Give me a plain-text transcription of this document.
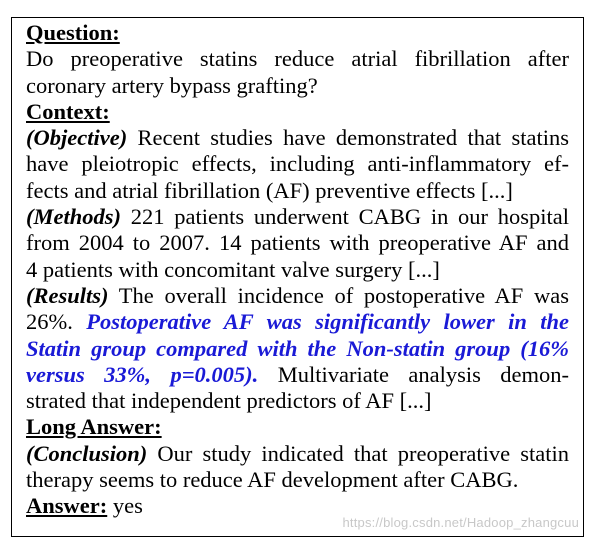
Question:
Do preoperative statins reduce atrial fibrillation after
coronary artery bypass grafting?
Context:
(Objective) Recent studies have demonstrated that statins
have pleiotropic effects, including anti-inflammatory ef-
fects and atrial fibrillation (AF) preventive effects [...]
(Methods) 221 patients underwent CABG in our hospital
from 2004 to 2007. 14 patients with preoperative AF and
4 patients with concomitant valve surgery [...]
(Results) The overall incidence of postoperative AF was
26%. Postoperative AF was significantly lower in the
Statin group compared with the Non-statin group (16%
versus 33%, p=0.005). Multivariate analysis demon-
strated that independent predictors of AF [...]
Long Answer:
(Conclusion) Our study indicated that preoperative statin
therapy seems to reduce AF development after CABG.
Answer: yes
https://blog.csdn.net/Hadoop_zhangcuu
